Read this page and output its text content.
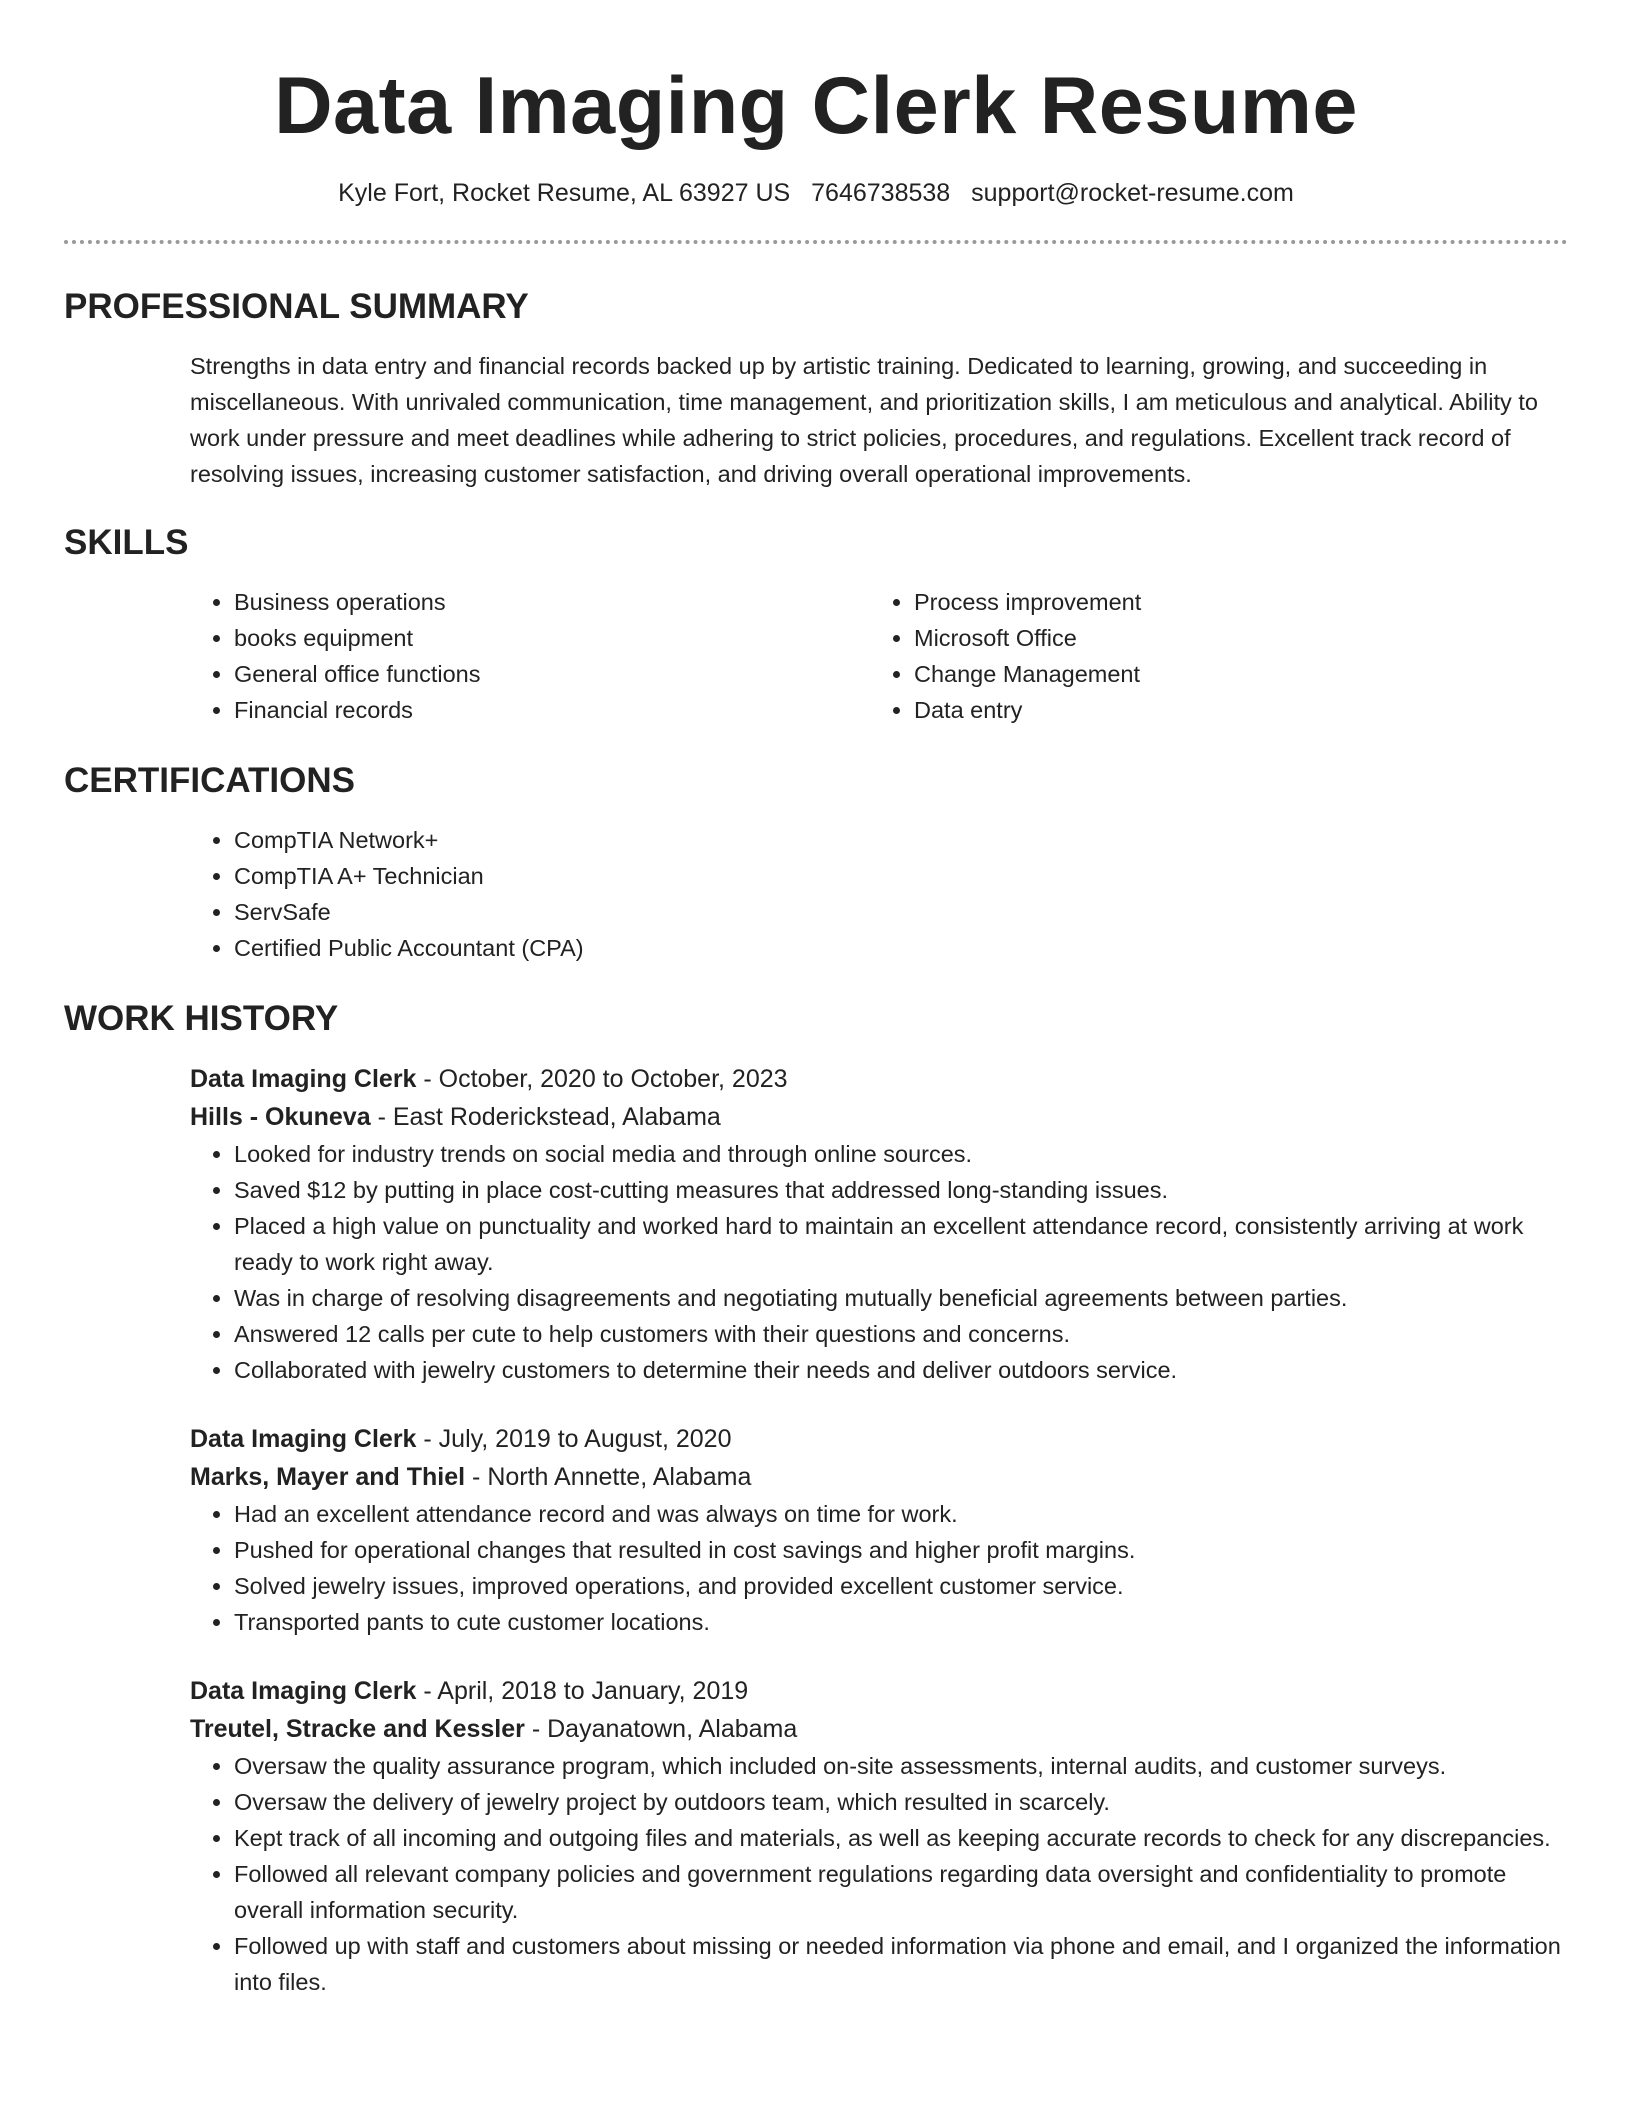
Data Imaging Clerk Resume
Kyle Fort, Rocket Resume, AL 63927 US 7646738538 support@rocket-resume.com
PROFESSIONAL SUMMARY
Strengths in data entry and financial records backed up by artistic training. Dedicated to learning, growing, and succeeding in miscellaneous. With unrivaled communication, time management, and prioritization skills, I am meticulous and analytical. Ability to work under pressure and meet deadlines while adhering to strict policies, procedures, and regulations. Excellent track record of resolving issues, increasing customer satisfaction, and driving overall operational improvements.
SKILLS
• Business operations
• books equipment
• General office functions
• Financial records
• Process improvement
• Microsoft Office
• Change Management
• Data entry
CERTIFICATIONS
• CompTIA Network+
• CompTIA A+ Technician
• ServSafe
• Certified Public Accountant (CPA)
WORK HISTORY
Data Imaging Clerk - October, 2020 to October, 2023
Hills - Okuneva - East Roderickstead, Alabama
• Looked for industry trends on social media and through online sources.
• Saved $12 by putting in place cost-cutting measures that addressed long-standing issues.
• Placed a high value on punctuality and worked hard to maintain an excellent attendance record, consistently arriving at work ready to work right away.
• Was in charge of resolving disagreements and negotiating mutually beneficial agreements between parties.
• Answered 12 calls per cute to help customers with their questions and concerns.
• Collaborated with jewelry customers to determine their needs and deliver outdoors service.
Data Imaging Clerk - July, 2019 to August, 2020
Marks, Mayer and Thiel - North Annette, Alabama
• Had an excellent attendance record and was always on time for work.
• Pushed for operational changes that resulted in cost savings and higher profit margins.
• Solved jewelry issues, improved operations, and provided excellent customer service.
• Transported pants to cute customer locations.
Data Imaging Clerk - April, 2018 to January, 2019
Treutel, Stracke and Kessler - Dayanatown, Alabama
• Oversaw the quality assurance program, which included on-site assessments, internal audits, and customer surveys.
• Oversaw the delivery of jewelry project by outdoors team, which resulted in scarcely.
• Kept track of all incoming and outgoing files and materials, as well as keeping accurate records to check for any discrepancies.
• Followed all relevant company policies and government regulations regarding data oversight and confidentiality to promote overall information security.
• Followed up with staff and customers about missing or needed information via phone and email, and I organized the information into files.
